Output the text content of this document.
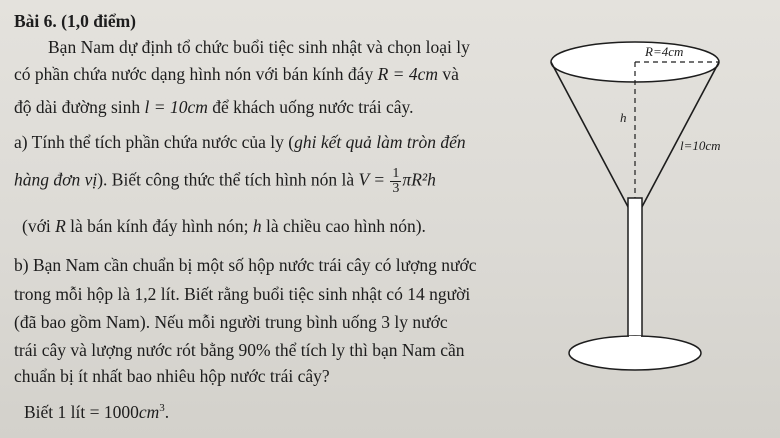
Bài 6. (1,0 điểm)
Bạn Nam dự định tổ chức buổi tiệc sinh nhật và chọn loại ly
có phần chứa nước dạng hình nón với bán kính đáy R = 4cm và
độ dài đường sinh l = 10cm để khách uống nước trái cây.
a) Tính thể tích phần chứa nước của ly (ghi kết quả làm tròn đến
hàng đơn vị). Biết công thức thể tích hình nón là $V = \frac{1}{3} \pi R^2h$
(với R là bán kính đáy hình nón; h là chiều cao hình nón).
b) Bạn Nam cần chuẩn bị một số hộp nước trái cây có lượng nước
trong mỗi hộp là 1,2 lít. Biết rằng buổi tiệc sinh nhật có 14 người
(đã bao gồm Nam). Nếu mỗi người trung bình uống 3 ly nước
trái cây và lượng nước rót bằng 90% thể tích ly thì bạn Nam cần
chuẩn bị ít nhất bao nhiêu hộp nước trái cây?
Biết 1 lít = $1000cm^3$.
R=4cm
h
l=10cm
